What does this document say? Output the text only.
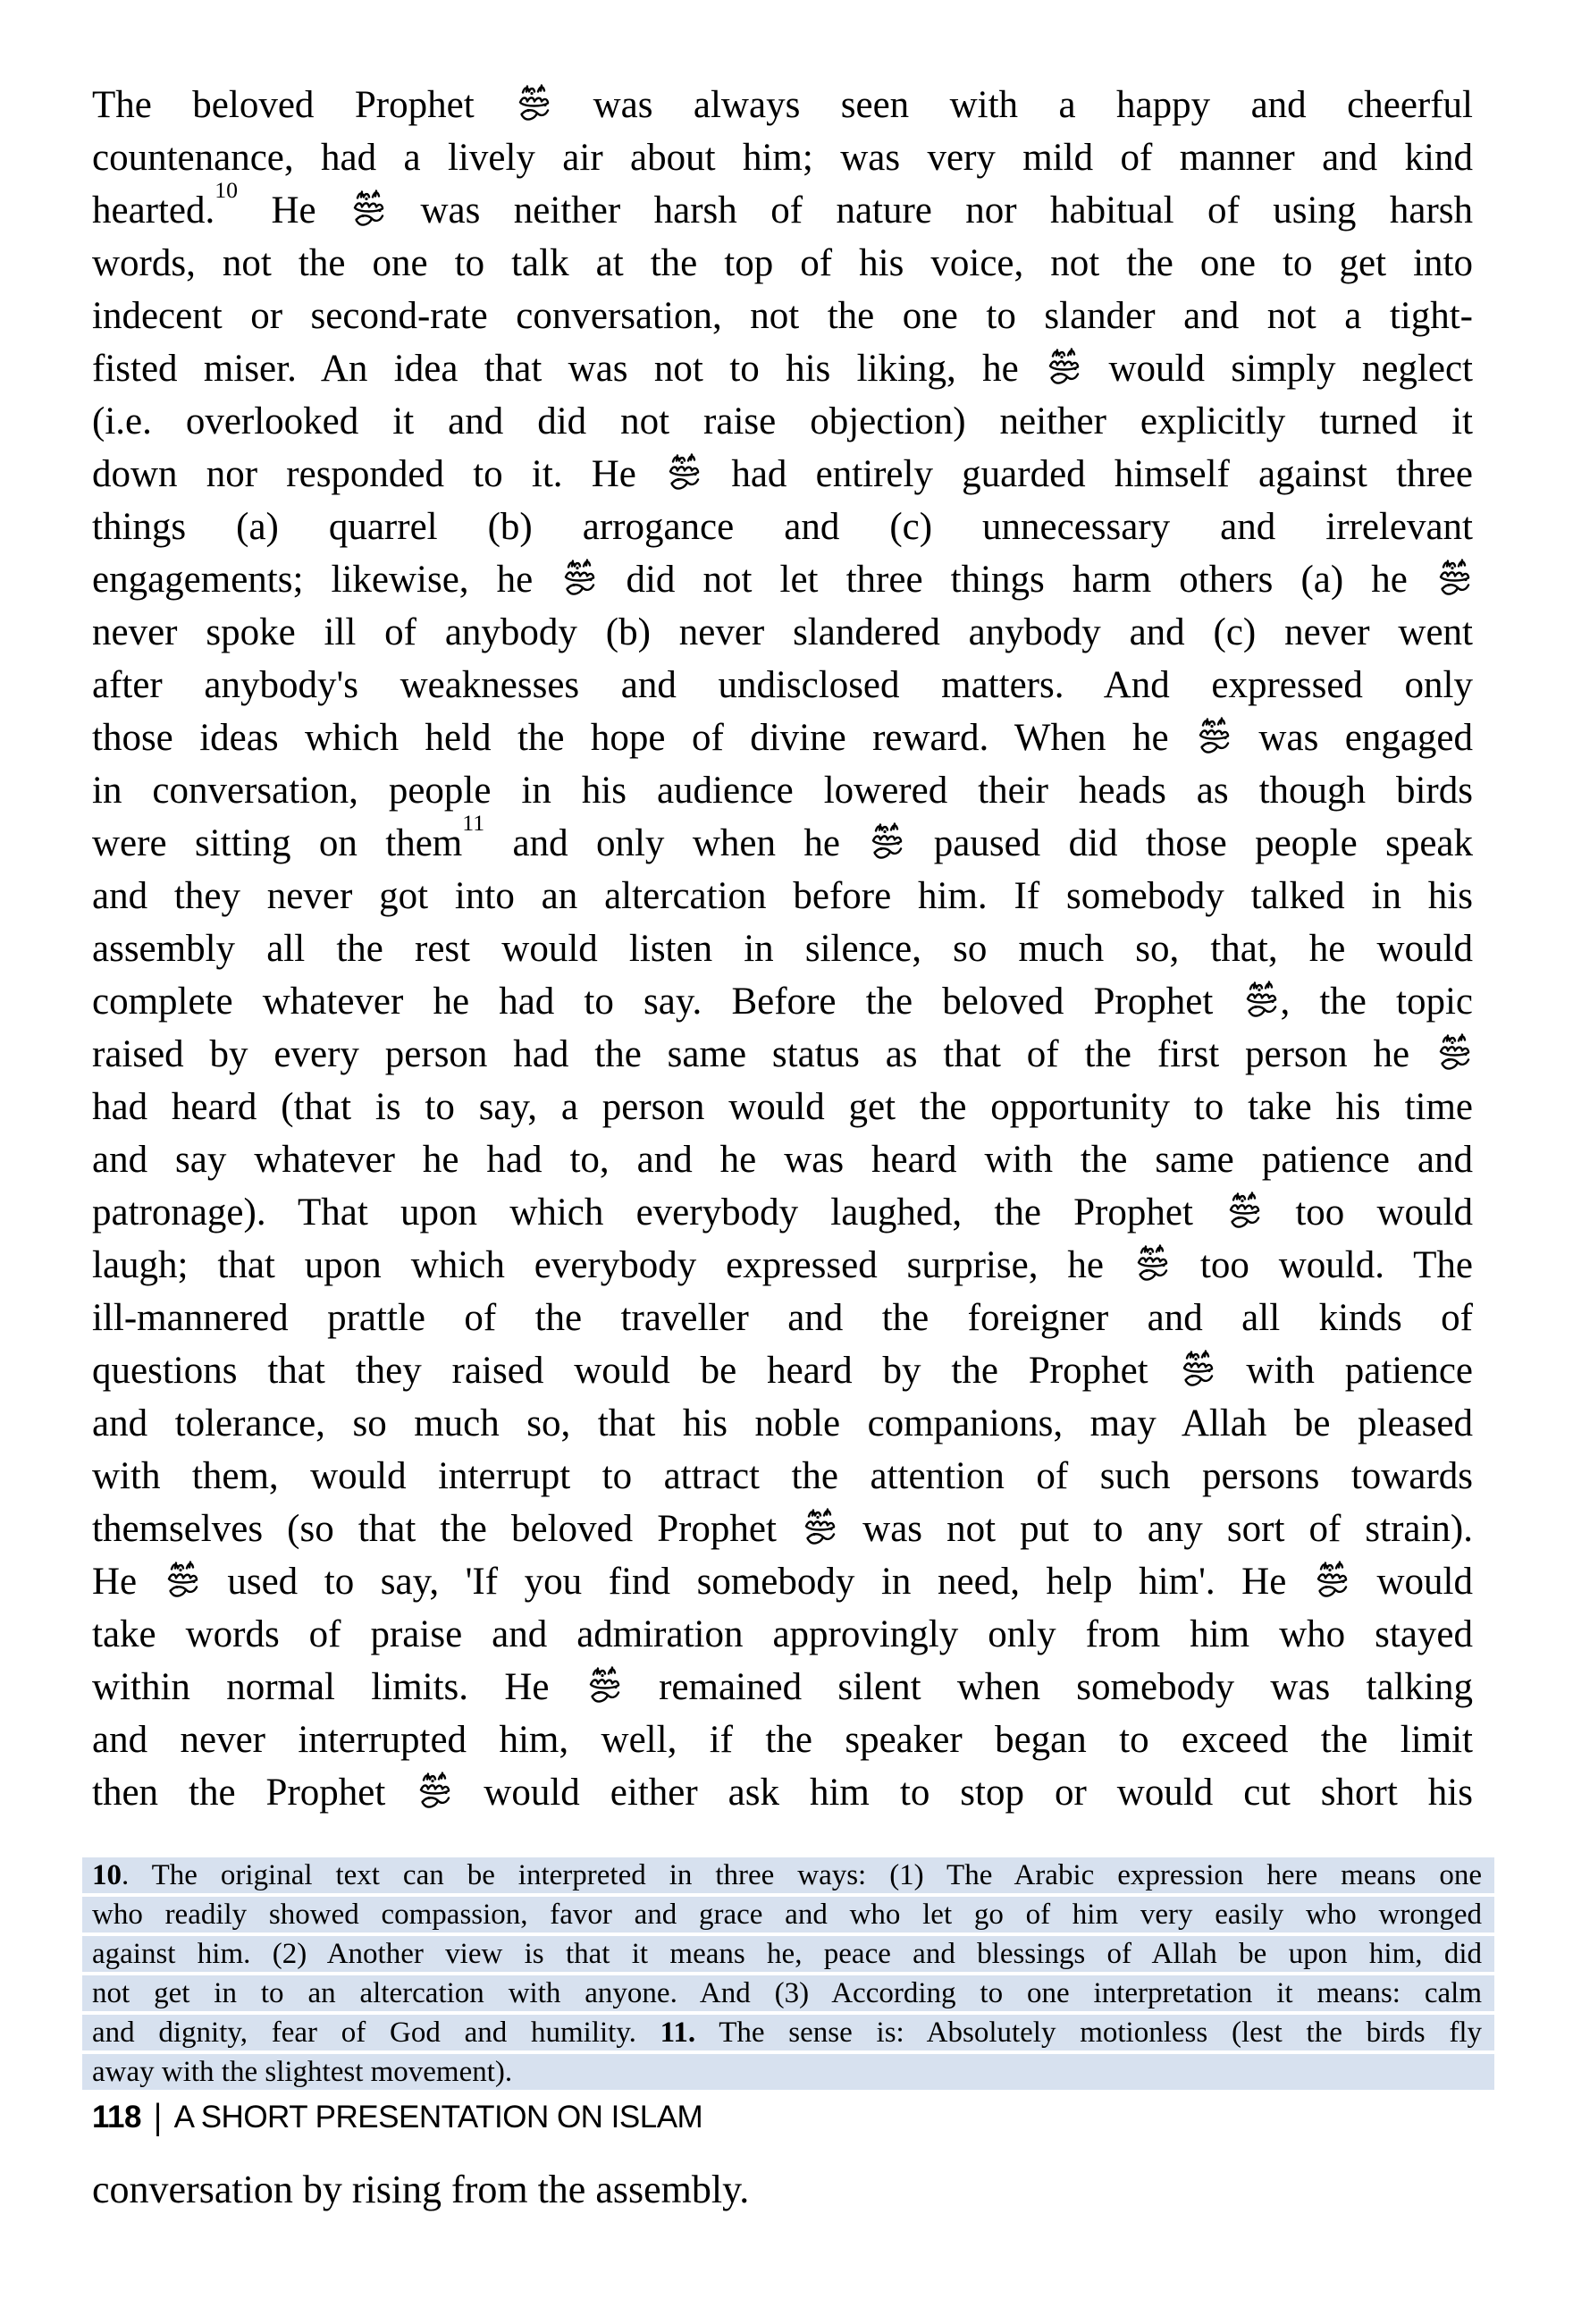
The beloved Prophet  was always seen with a happy and cheerful
countenance, had a lively air about him; was very mild of manner and kind
hearted.$^{10}$ He  was neither harsh of nature nor habitual of using harsh
words, not the one to talk at the top of his voice, not the one to get into
indecent or second-rate conversation, not the one to slander and not a tight-
fisted miser. An idea that was not to his liking, he  would simply neglect
(i.e. overlooked it and did not raise objection) neither explicitly turned it
down nor responded to it. He  had entirely guarded himself against three
things (a) quarrel (b) arrogance and (c) unnecessary and irrelevant
engagements; likewise, he  did not let three things harm others (a) he
never spoke ill of anybody (b) never slandered anybody and (c) never went
after anybody's weaknesses and undisclosed matters. And expressed only
those ideas which held the hope of divine reward. When he  was engaged
in conversation, people in his audience lowered their heads as though birds
were sitting on them$^{11}$ and only when he  paused did those people speak
and they never got into an altercation before him. If somebody talked in his
assembly all the rest would listen in silence, so much so, that, he would
complete whatever he had to say. Before the beloved Prophet , the topic
raised by every person had the same status as that of the first person he
had heard (that is to say, a person would get the opportunity to take his time
and say whatever he had to, and he was heard with the same patience and
patronage). That upon which everybody laughed, the Prophet  too would
laugh; that upon which everybody expressed surprise, he  too would. The
ill-mannered prattle of the traveller and the foreigner and all kinds of
questions that they raised would be heard by the Prophet  with patience
and tolerance, so much so, that his noble companions, may Allah be pleased
with them, would interrupt to attract the attention of such persons towards
themselves (so that the beloved Prophet  was not put to any sort of strain).
He  used to say, 'If you find somebody in need, help him'. He  would
take words of praise and admiration approvingly only from him who stayed
within normal limits. He  remained silent when somebody was talking
and never interrupted him, well, if the speaker began to exceed the limit
then the Prophet  would either ask him to stop or would cut short his
10. The original text can be interpreted in three ways: (1) The Arabic expression here means one
who readily showed compassion, favor and grace and who let go of him very easily who wronged
against him. (2) Another view is that it means he, peace and blessings of Allah be upon him, did
not get in to an altercation with anyone. And (3) According to one interpretation it means: calm
and dignity, fear of God and humility. 11. The sense is: Absolutely motionless (lest the birds fly
away with the slightest movement).
118 | A SHORT PRESENTATION ON ISLAM
conversation by rising from the assembly.
